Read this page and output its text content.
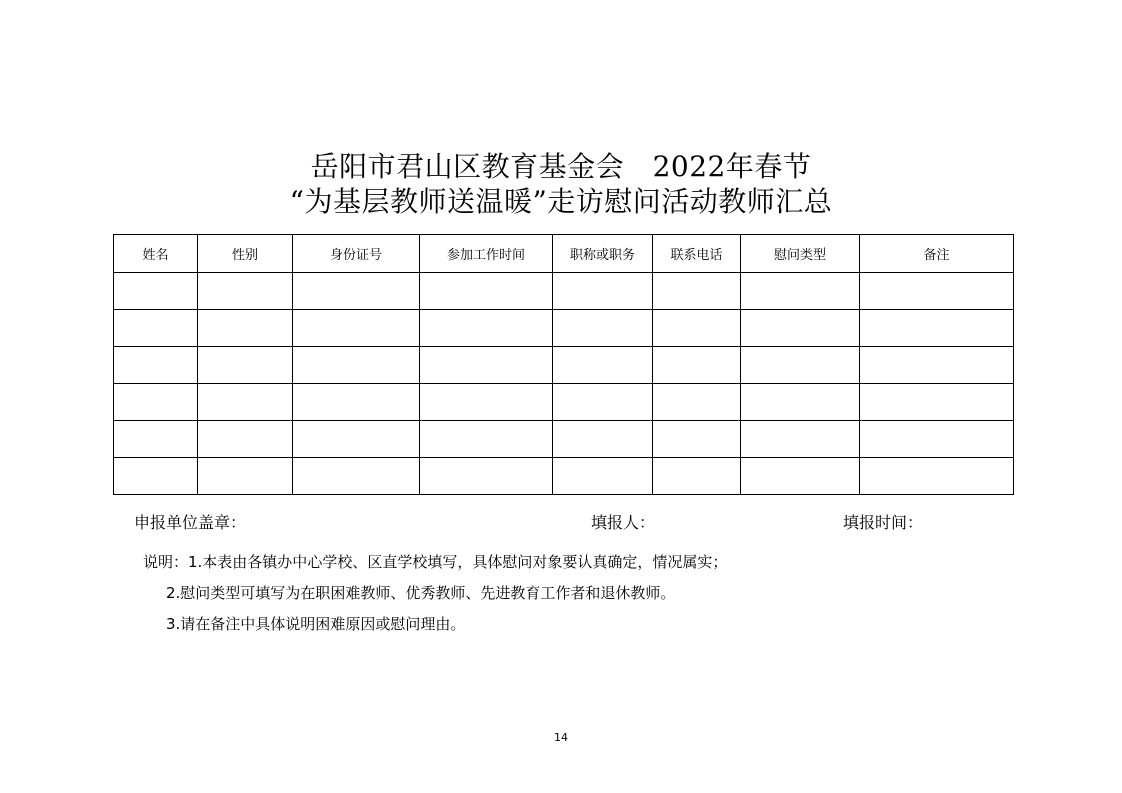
岳阳市君山区教育基金会　2022年春节
“为基层教师送温暖”走访慰问活动教师汇总
姓名	性别	身份证号	参加工作时间	职称或职务	联系电话	慰问类型	备注

申报单位盖章：	填报人：	填报时间：
说明：1.本表由各镇办中心学校、区直学校填写，具体慰问对象要认真确定，情况属实；
2.慰问类型可填写为在职困难教师、优秀教师、先进教育工作者和退休教师。
3.请在备注中具体说明困难原因或慰问理由。
14
